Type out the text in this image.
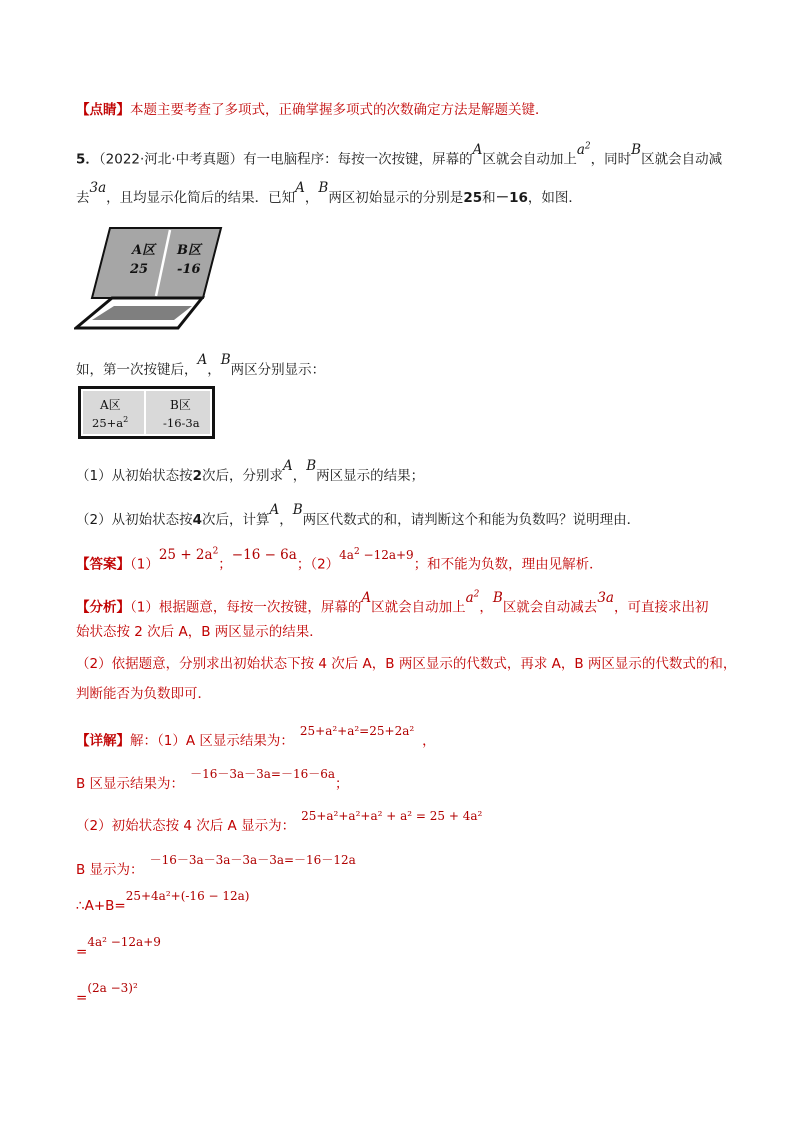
【点睛】本题主要考查了多项式，正确掌握多项式的次数确定方法是解题关键．
5．（2022·河北·中考真题）有一电脑程序：每按一次按键，屏幕的A区就会自动加上$a^2$，同时B区就会自动减
去3a，且均显示化简后的结果．已知A，B两区初始显示的分别是25和－16，如图．
A区
25
B区
-16
如，第一次按键后，A，B两区分别显示：
A区
$25+a^2$
B区
-16-3a
（1）从初始状态按2次后，分别求A，B两区显示的结果；
（2）从初始状态按4次后，计算A，B两区代数式的和，请判断这个和能为负数吗？说明理由．
【答案】$(1)25 + 2a^2$；−16 − 6a；$(2)4a^2 -12a+9$；和不能为负数，理由见解析．
【分析】（1）根据题意，每按一次按键，屏幕的A区就会自动加上$a^2$，B区就会自动减去3a，可直接求出初
始状态按 2 次后 A，B 两区显示的结果．
（2）依据题意，分别求出初始状态下按 4 次后 A，B 两区显示的代数式，再求 A，B 两区显示的代数式的和，
判断能否为负数即可．
【详解】解：（1）A 区显示结果为：25+a²+a²=25+2a²，
B 区显示结果为：－16－3a－3a=－16－6a；
（2）初始状态按 4 次后 A 显示为：25+a²+a²+a² + a² = 25 + 4a²
B 显示为：－16－3a－3a－3a－3a=－16－12a
∴A+B=25+4a²+(-16 − 12a)
=4a² −12a+9
=(2a −3)²
